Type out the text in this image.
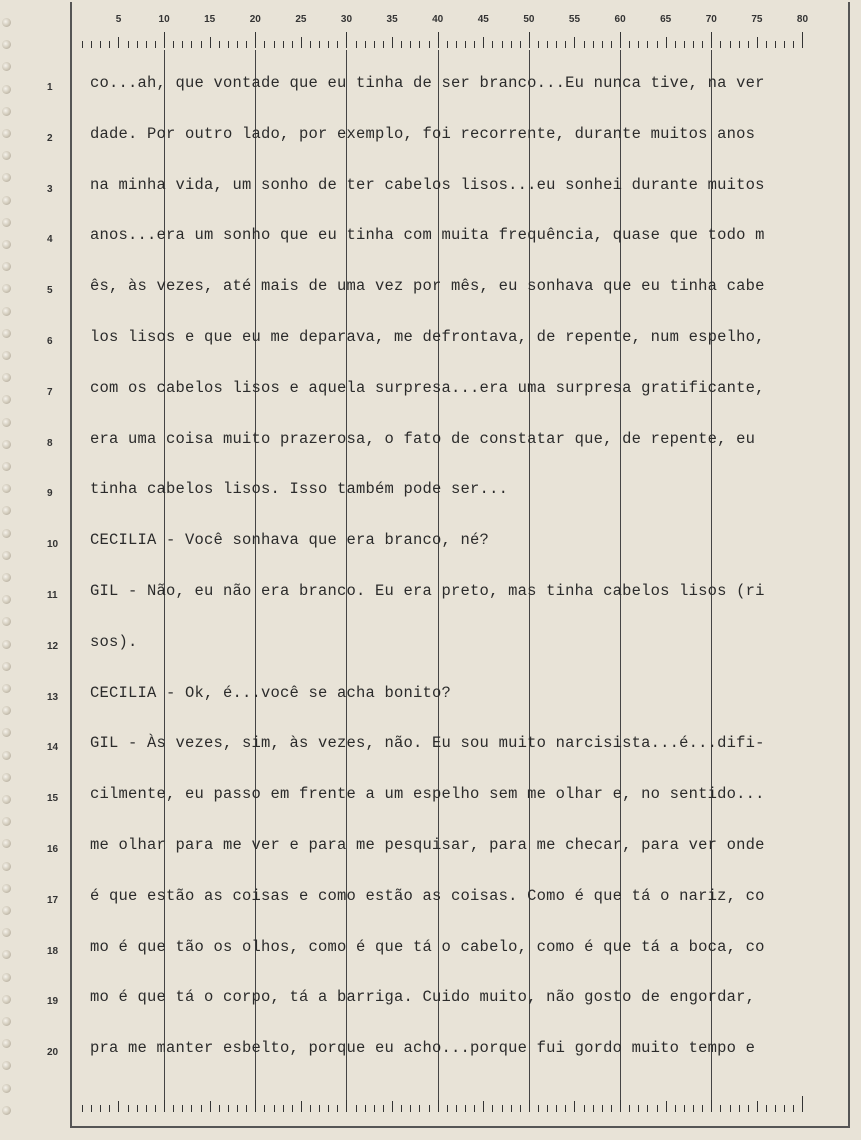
5	10	15	20	25	30	35	40	45	50	55	60	65	70	75	80
1
2
3
4
5
6
7
8
9
10
11
12
13
14
15
16
17
18
19
20
co...ah, que vontade que eu tinha de ser branco...Eu nunca tive, na ver
dade. Por outro lado, por exemplo, foi recorrente, durante muitos anos
na minha vida, um sonho de ter cabelos lisos...eu sonhei durante muitos
anos...era um sonho que eu tinha com muita frequência, quase que todo m
ês, às vezes, até mais de uma vez por mês, eu sonhava que eu tinha cabe
los lisos e que eu me deparava, me defrontava, de repente, num espelho,
com os cabelos lisos e aquela surpresa...era uma surpresa gratificante,
era uma coisa muito prazerosa, o fato de constatar que, de repente, eu
tinha cabelos lisos. Isso também pode ser...
CECILIA - Você sonhava que era branco, né?
GIL - Não, eu não era branco. Eu era preto, mas tinha cabelos lisos (ri
sos).
CECILIA - Ok, é...você se acha bonito?
GIL - Às vezes, sim, às vezes, não. Eu sou muito narcisista...é...difi-
cilmente, eu passo em frente a um espelho sem me olhar e, no sentido...
me olhar para me ver e para me pesquisar, para me checar, para ver onde
é que estão as coisas e como estão as coisas. Como é que tá o nariz, co
mo é que tão os olhos, como é que tá o cabelo, como é que tá a boca, co
mo é que tá o corpo, tá a barriga. Cuido muito, não gosto de engordar,
pra me manter esbelto, porque eu acho...porque fui gordo muito tempo e
